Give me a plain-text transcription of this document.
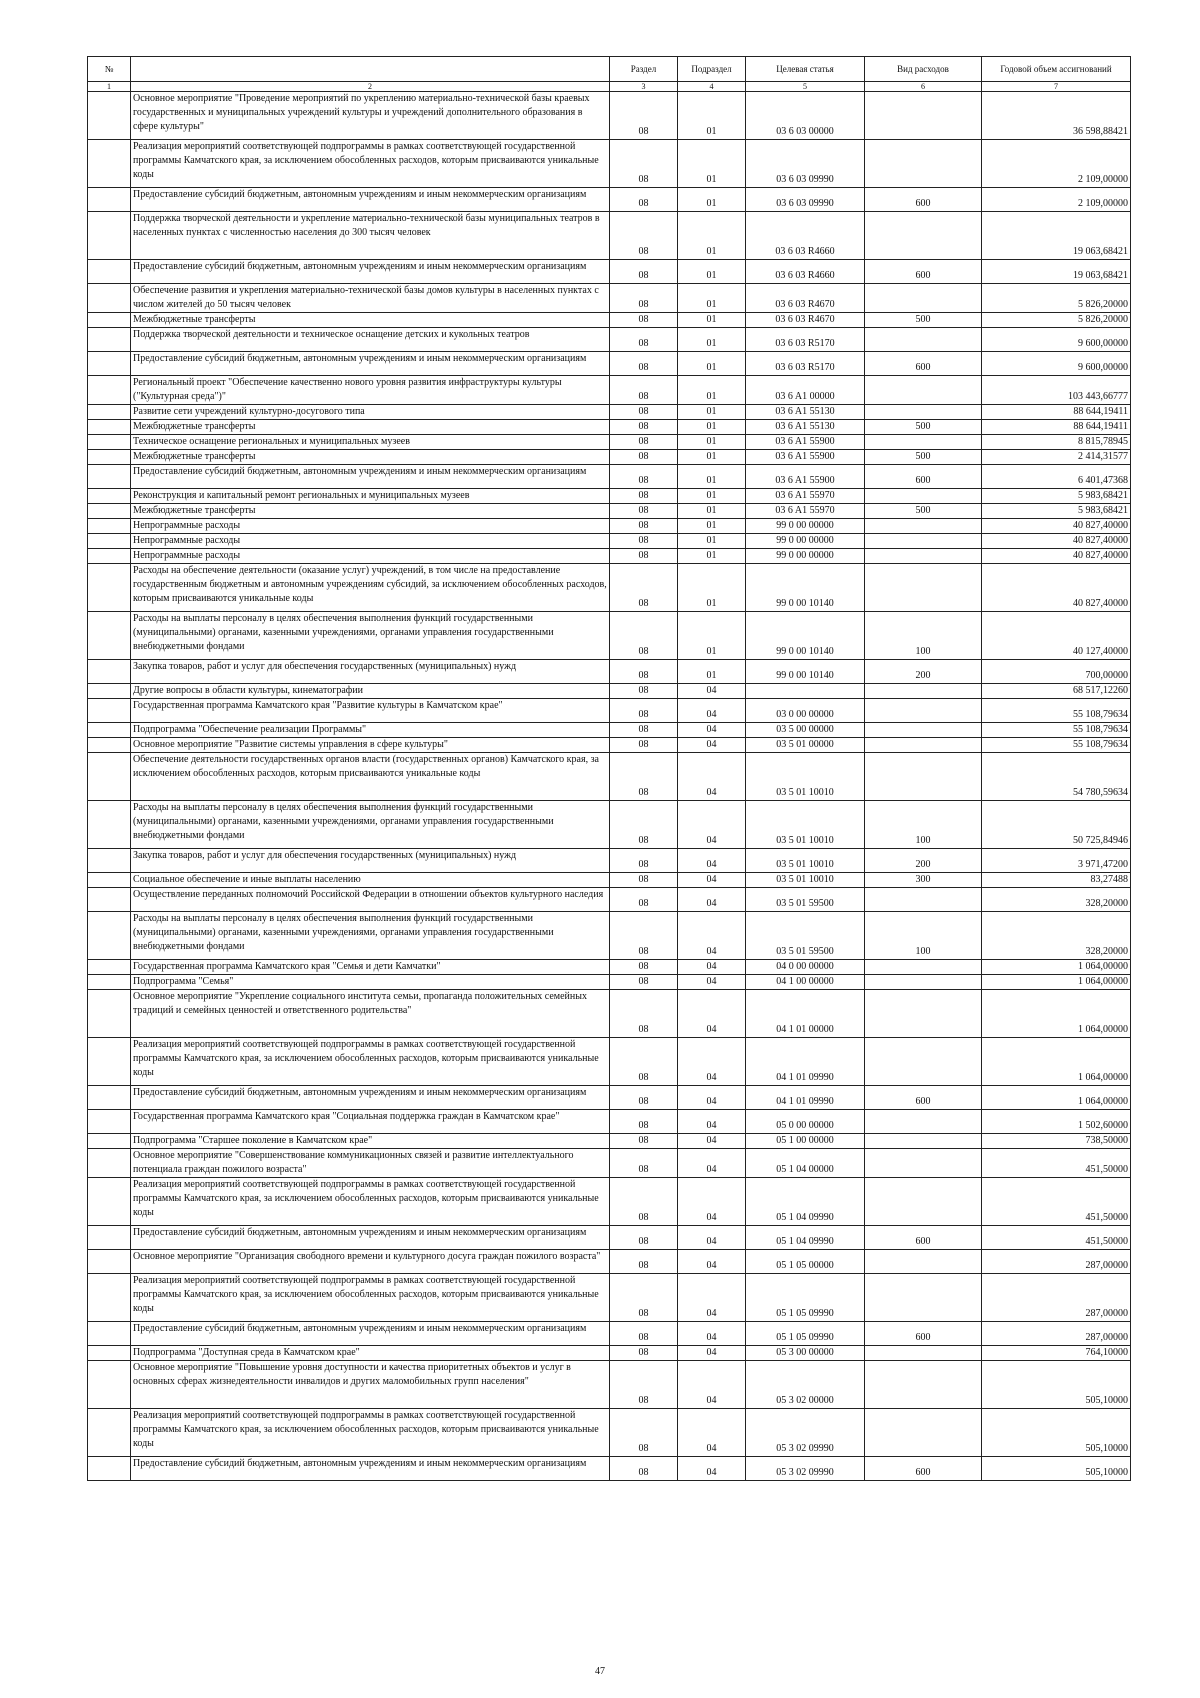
№		Раздел	Подраздел	Целевая статья	Вид расходов	Годовой объем ассигнований
1	2	3	4	5	6	7
	Основное мероприятие "Проведение мероприятий по укреплению материально-технической базы краевых государственных и муниципальных учреждений культуры и учреждений дополнительного образования в сфере культуры"	08	01	03 6 03 00000		36 598,88421
	Реализация мероприятий соответствующей подпрограммы в рамках соответствующей государственной программы Камчатского края, за исключением обособленных расходов, которым присваиваются уникальные коды	08	01	03 6 03 09990		2 109,00000
	Предоставление субсидий бюджетным, автономным учреждениям и иным некоммерческим организациям	08	01	03 6 03 09990	600	2 109,00000
	Поддержка творческой деятельности и укрепление материально-технической базы муниципальных театров в населенных пунктах с численностью населения до 300 тысяч человек	08	01	03 6 03 R4660		19 063,68421
	Предоставление субсидий бюджетным, автономным учреждениям и иным некоммерческим организациям	08	01	03 6 03 R4660	600	19 063,68421
	Обеспечение развития и укрепления материально-технической базы домов культуры в населенных пунктах с числом жителей до 50 тысяч человек	08	01	03 6 03 R4670		5 826,20000
	Межбюджетные трансферты	08	01	03 6 03 R4670	500	5 826,20000
	Поддержка творческой деятельности и техническое оснащение детских и кукольных театров	08	01	03 6 03 R5170		9 600,00000
	Предоставление субсидий бюджетным, автономным учреждениям и иным некоммерческим организациям	08	01	03 6 03 R5170	600	9 600,00000
	Региональный проект "Обеспечение качественно нового уровня развития инфраструктуры культуры ("Культурная среда")"	08	01	03 6 A1 00000		103 443,66777
	Развитие сети учреждений культурно-досугового типа	08	01	03 6 A1 55130		88 644,19411
	Межбюджетные трансферты	08	01	03 6 A1 55130	500	88 644,19411
	Техническое оснащение региональных и муниципальных музеев	08	01	03 6 A1 55900		8 815,78945
	Межбюджетные трансферты	08	01	03 6 A1 55900	500	2 414,31577
	Предоставление субсидий бюджетным, автономным учреждениям и иным некоммерческим организациям	08	01	03 6 A1 55900	600	6 401,47368
	Реконструкция и капитальный ремонт региональных и муниципальных музеев	08	01	03 6 A1 55970		5 983,68421
	Межбюджетные трансферты	08	01	03 6 A1 55970	500	5 983,68421
	Непрограммные расходы	08	01	99 0 00 00000		40 827,40000
	Непрограммные расходы	08	01	99 0 00 00000		40 827,40000
	Непрограммные расходы	08	01	99 0 00 00000		40 827,40000
	Расходы на обеспечение деятельности (оказание услуг) учреждений, в том числе на предоставление государственным бюджетным и автономным учреждениям субсидий, за исключением обособленных расходов, которым присваиваются уникальные коды	08	01	99 0 00 10140		40 827,40000
	Расходы на выплаты персоналу в целях обеспечения выполнения функций государственными (муниципальными) органами, казенными учреждениями, органами управления государственными внебюджетными фондами	08	01	99 0 00 10140	100	40 127,40000
	Закупка товаров, работ и услуг для обеспечения государственных (муниципальных) нужд	08	01	99 0 00 10140	200	700,00000
	Другие вопросы в области культуры, кинематографии	08	04			68 517,12260
	Государственная программа Камчатского края "Развитие культуры в Камчатском крае"	08	04	03 0 00 00000		55 108,79634
	Подпрограмма "Обеспечение реализации Программы"	08	04	03 5 00 00000		55 108,79634
	Основное мероприятие "Развитие системы управления в сфере культуры"	08	04	03 5 01 00000		55 108,79634
	Обеспечение деятельности государственных органов власти (государственных органов) Камчатского края, за исключением обособленных расходов, которым присваиваются уникальные коды	08	04	03 5 01 10010		54 780,59634
	Расходы на выплаты персоналу в целях обеспечения выполнения функций государственными (муниципальными) органами, казенными учреждениями, органами управления государственными внебюджетными фондами	08	04	03 5 01 10010	100	50 725,84946
	Закупка товаров, работ и услуг для обеспечения государственных (муниципальных) нужд	08	04	03 5 01 10010	200	3 971,47200
	Социальное обеспечение и иные выплаты населению	08	04	03 5 01 10010	300	83,27488
	Осуществление переданных полномочий Российской Федерации в отношении объектов культурного наследия	08	04	03 5 01 59500		328,20000
	Расходы на выплаты персоналу в целях обеспечения выполнения функций государственными (муниципальными) органами, казенными учреждениями, органами управления государственными внебюджетными фондами	08	04	03 5 01 59500	100	328,20000
	Государственная программа Камчатского края "Семья и дети Камчатки"	08	04	04 0 00 00000		1 064,00000
	Подпрограмма "Семья"	08	04	04 1 00 00000		1 064,00000
	Основное мероприятие "Укрепление социального института семьи, пропаганда положительных семейных традиций и семейных ценностей и ответственного родительства"	08	04	04 1 01 00000		1 064,00000
	Реализация мероприятий соответствующей подпрограммы в рамках соответствующей государственной программы Камчатского края, за исключением обособленных расходов, которым присваиваются уникальные коды	08	04	04 1 01 09990		1 064,00000
	Предоставление субсидий бюджетным, автономным учреждениям и иным некоммерческим организациям	08	04	04 1 01 09990	600	1 064,00000
	Государственная программа Камчатского края "Социальная поддержка граждан в Камчатском крае"	08	04	05 0 00 00000		1 502,60000
	Подпрограмма "Старшее поколение в Камчатском крае"	08	04	05 1 00 00000		738,50000
	Основное мероприятие "Совершенствование коммуникационных связей и развитие интеллектуального потенциала граждан пожилого возраста"	08	04	05 1 04 00000		451,50000
	Реализация мероприятий соответствующей подпрограммы в рамках соответствующей государственной программы Камчатского края, за исключением обособленных расходов, которым присваиваются уникальные коды	08	04	05 1 04 09990		451,50000
	Предоставление субсидий бюджетным, автономным учреждениям и иным некоммерческим организациям	08	04	05 1 04 09990	600	451,50000
	Основное мероприятие "Организация свободного времени и культурного досуга граждан пожилого возраста"	08	04	05 1 05 00000		287,00000
	Реализация мероприятий соответствующей подпрограммы в рамках соответствующей государственной программы Камчатского края, за исключением обособленных расходов, которым присваиваются уникальные коды	08	04	05 1 05 09990		287,00000
	Предоставление субсидий бюджетным, автономным учреждениям и иным некоммерческим организациям	08	04	05 1 05 09990	600	287,00000
	Подпрограмма "Доступная среда в Камчатском крае"	08	04	05 3 00 00000		764,10000
	Основное мероприятие "Повышение уровня доступности и качества приоритетных объектов и услуг в основных сферах жизнедеятельности инвалидов и других маломобильных групп населения"	08	04	05 3 02 00000		505,10000
	Реализация мероприятий соответствующей подпрограммы в рамках соответствующей государственной программы Камчатского края, за исключением обособленных расходов, которым присваиваются уникальные коды	08	04	05 3 02 09990		505,10000
	Предоставление субсидий бюджетным, автономным учреждениям и иным некоммерческим организациям	08	04	05 3 02 09990	600	505,10000
47
